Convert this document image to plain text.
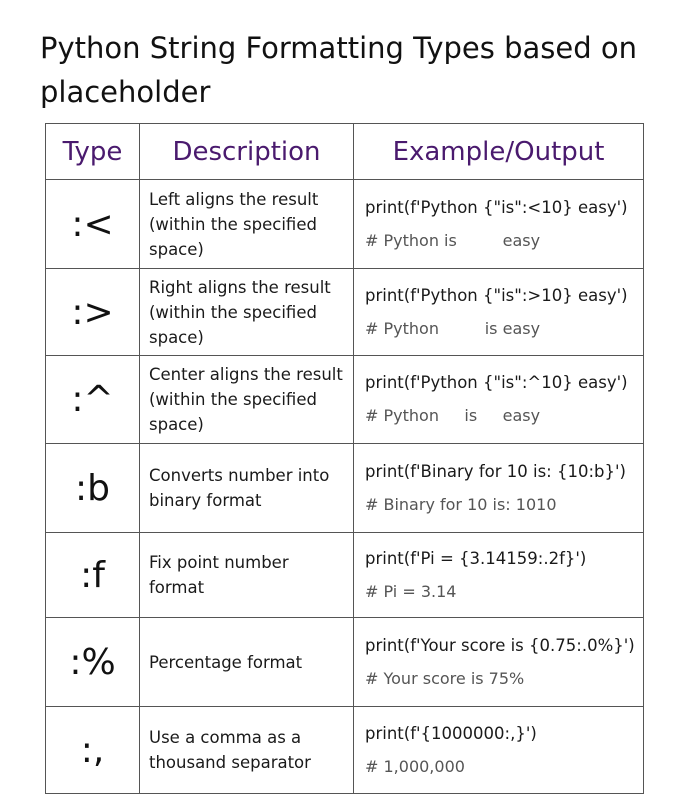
Python String Formatting Types based on placeholder
Type	Description	Example/Output
:<	Left aligns the result (within the specified space)	print(f'Python {"is":<10} easy')
# Python is         easy

:>	Right aligns the result (within the specified space)	print(f'Python {"is":>10} easy')
# Python         is easy

:^	Center aligns the result (within the specified space)	print(f'Python {"is":^10} easy')
# Python     is     easy

:b	Converts number into binary format	print(f'Binary for 10 is: {10:b}')
# Binary for 10 is: 1010

:f	Fix point number format	print(f'Pi = {3.14159:.2f}')
# Pi = 3.14

:%	Percentage format	print(f'Your score is {0.75:.0%}')
# Your score is 75%

:,	Use a comma as a thousand separator	print(f'{1000000:,}')
# 1,000,000
